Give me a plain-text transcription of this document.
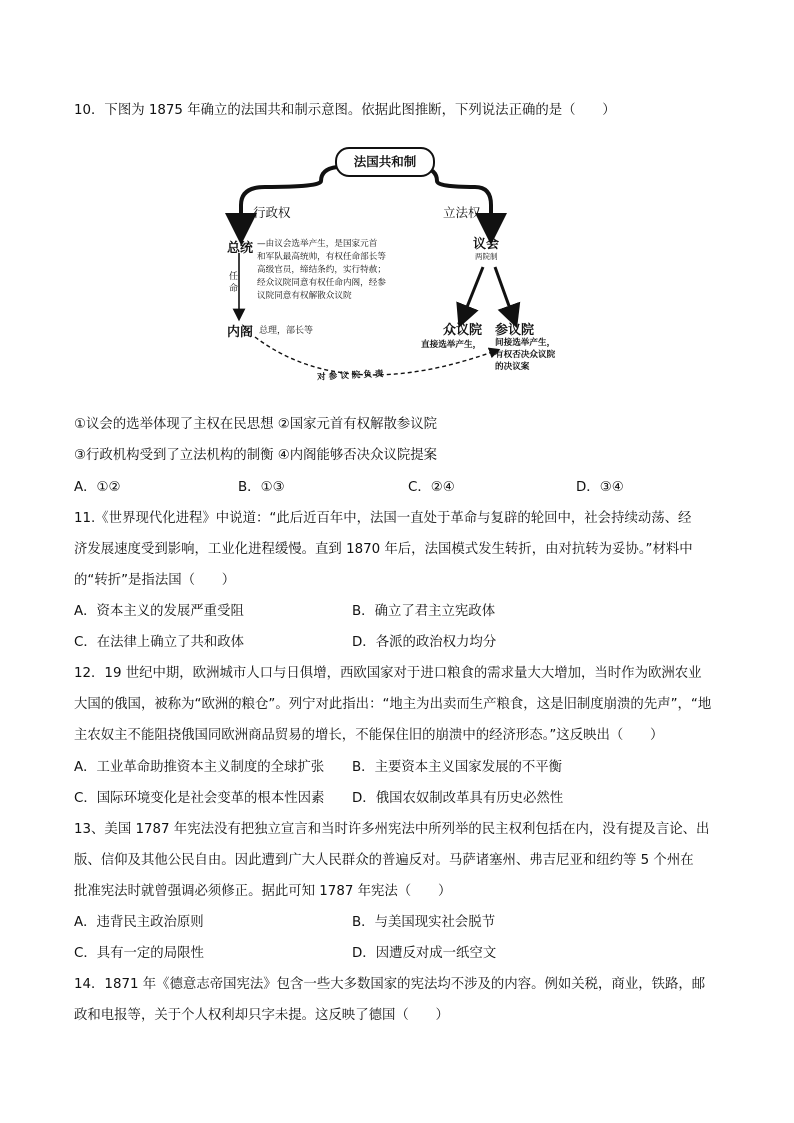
10．下图为 1875 年确立的法国共和制示意图。依据此图推断，下列说法正确的是（　　）
法国共和制
行政权	立法权
总统 —由议会选举产生，是国家元首
和军队最高统帅，有权任命部长等
高级官员，缔结条约，实行特赦；
经众议院同意有权任命内阁，经参
议院同意有权解散众议院
任
命
内阁 总理，部长等
议会
两院制
众议院
直接选举产生，
参议院
间接选举产生，
有权否决众议院
的决议案
对 参 议 院 负 责
①议会的选举体现了主权在民思想 ②国家元首有权解散参议院
③行政机构受到了立法机构的制衡 ④内阁能够否决众议院提案
A．①②	B．①③	C．②④	D．③④
11.《世界现代化进程》中说道：“此后近百年中，法国一直处于革命与复辟的轮回中，社会持续动荡、经
济发展速度受到影响，工业化进程缓慢。直到 1870 年后，法国模式发生转折，由对抗转为妥协。”材料中
的“转折”是指法国（　　）
A．资本主义的发展严重受阻	B．确立了君主立宪政体
C．在法律上确立了共和政体	D．各派的政治权力均分
12．19 世纪中期，欧洲城市人口与日俱增，西欧国家对于进口粮食的需求量大大增加，当时作为欧洲农业
大国的俄国，被称为“欧洲的粮仓”。列宁对此指出：“地主为出卖而生产粮食，这是旧制度崩溃的先声”，“地
主农奴主不能阻挠俄国同欧洲商品贸易的增长，不能保住旧的崩溃中的经济形态。”这反映出（　　）
A．工业革命助推资本主义制度的全球扩张 B．主要资本主义国家发展的不平衡
C．国际环境变化是社会变革的根本性因素 D．俄国农奴制改革具有历史必然性
13、美国 1787 年宪法没有把独立宣言和当时许多州宪法中所列举的民主权利包括在内，没有提及言论、出
版、信仰及其他公民自由。因此遭到广大人民群众的普遍反对。马萨诸塞州、弗吉尼亚和纽约等 5 个州在
批准宪法时就曾强调必须修正。据此可知 1787 年宪法（　　）
A．违背民主政治原则	B．与美国现实社会脱节
C．具有一定的局限性	D．因遭反对成一纸空文
14．1871 年《德意志帝国宪法》包含一些大多数国家的宪法均不涉及的内容。例如关税，商业，铁路，邮
政和电报等，关于个人权利却只字未提。这反映了德国（　　）
